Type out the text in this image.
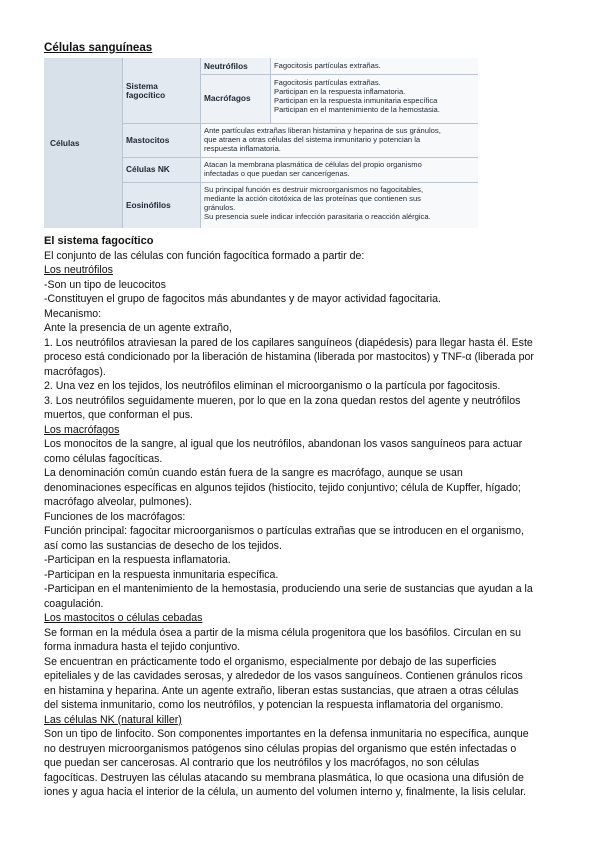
Células sanguíneas
Células
Sistema
fagocítico
Neutrófilos	Fagocitosis partículas extrañas.
Macrófagos
Fagocitosis partículas extrañas.
Participan en la respuesta inflamatoria.
Participan en la respuesta inmunitaria específica
Participan en el mantenimiento de la hemostasia.
Mastocitos
Ante partículas extrañas liberan histamina y heparina de sus gránulos,
que atraen a otras células del sistema inmunitario y potencian la
respuesta inflamatoria.
Células NK	Atacan la membrana plasmática de células del propio organismo
infectadas o que puedan ser cancerígenas.
Eosinófilos
Su principal función es destruir microorganismos no fagocitables,
mediante la acción citotóxica de las proteínas que contienen sus
gránulos.
Su presencia suele indicar infección parasitaria o reacción alérgica.

El sistema fagocítico

El conjunto de las células con función fagocítica formado a partir de:

Los neutrófilos

-Son un tipo de leucocitos

-Constituyen el grupo de fagocitos más abundantes y de mayor actividad fagocitaria.

Mecanismo:

Ante la presencia de un agente extraño,

1. Los neutrófilos atraviesan la pared de los capilares sanguíneos (diapédesis) para llegar hasta él. Este

proceso está condicionado por la liberación de histamina (liberada por mastocitos) y TNF-α (liberada por

macrófagos).

2. Una vez en los tejidos, los neutrófilos eliminan el microorganismo o la partícula por fagocitosis.

3. Los neutrófilos seguidamente mueren, por lo que en la zona quedan restos del agente y neutrófilos

muertos, que conforman el pus.

Los macrófagos

Los monocitos de la sangre, al igual que los neutrófilos, abandonan los vasos sanguíneos para actuar

como células fagocíticas.

La denominación común cuando están fuera de la sangre es macrófago, aunque se usan

denominaciones específicas en algunos tejidos (histiocito, tejido conjuntivo; célula de Kupffer, hígado;

macrófago alveolar, pulmones).

Funciones de los macrófagos:

Función principal: fagocitar microorganismos o partículas extrañas que se introducen en el organismo,

así como las sustancias de desecho de los tejidos.

-Participan en la respuesta inflamatoria.

-Participan en la respuesta inmunitaria específica.

-Participan en el mantenimiento de la hemostasia, produciendo una serie de sustancias que ayudan a la

coagulación.

Los mastocitos o células cebadas

Se forman en la médula ósea a partir de la misma célula progenitora que los basófilos. Circulan en su

forma inmadura hasta el tejido conjuntivo.

Se encuentran en prácticamente todo el organismo, especialmente por debajo de las superficies

epiteliales y de las cavidades serosas, y alrededor de los vasos sanguíneos. Contienen gránulos ricos

en histamina y heparina. Ante un agente extraño, liberan estas sustancias, que atraen a otras células

del sistema inmunitario, como los neutrófilos, y potencian la respuesta inflamatoria del organismo.

Las células NK (natural killer)

Son un tipo de linfocito. Son componentes importantes en la defensa inmunitaria no específica, aunque

no destruyen microorganismos patógenos sino células propias del organismo que estén infectadas o

que puedan ser cancerosas. Al contrario que los neutrófilos y los macrófagos, no son células

fagocíticas. Destruyen las células atacando su membrana plasmática, lo que ocasiona una difusión de

iones y agua hacia el interior de la célula, un aumento del volumen interno y, finalmente, la lisis celular.
